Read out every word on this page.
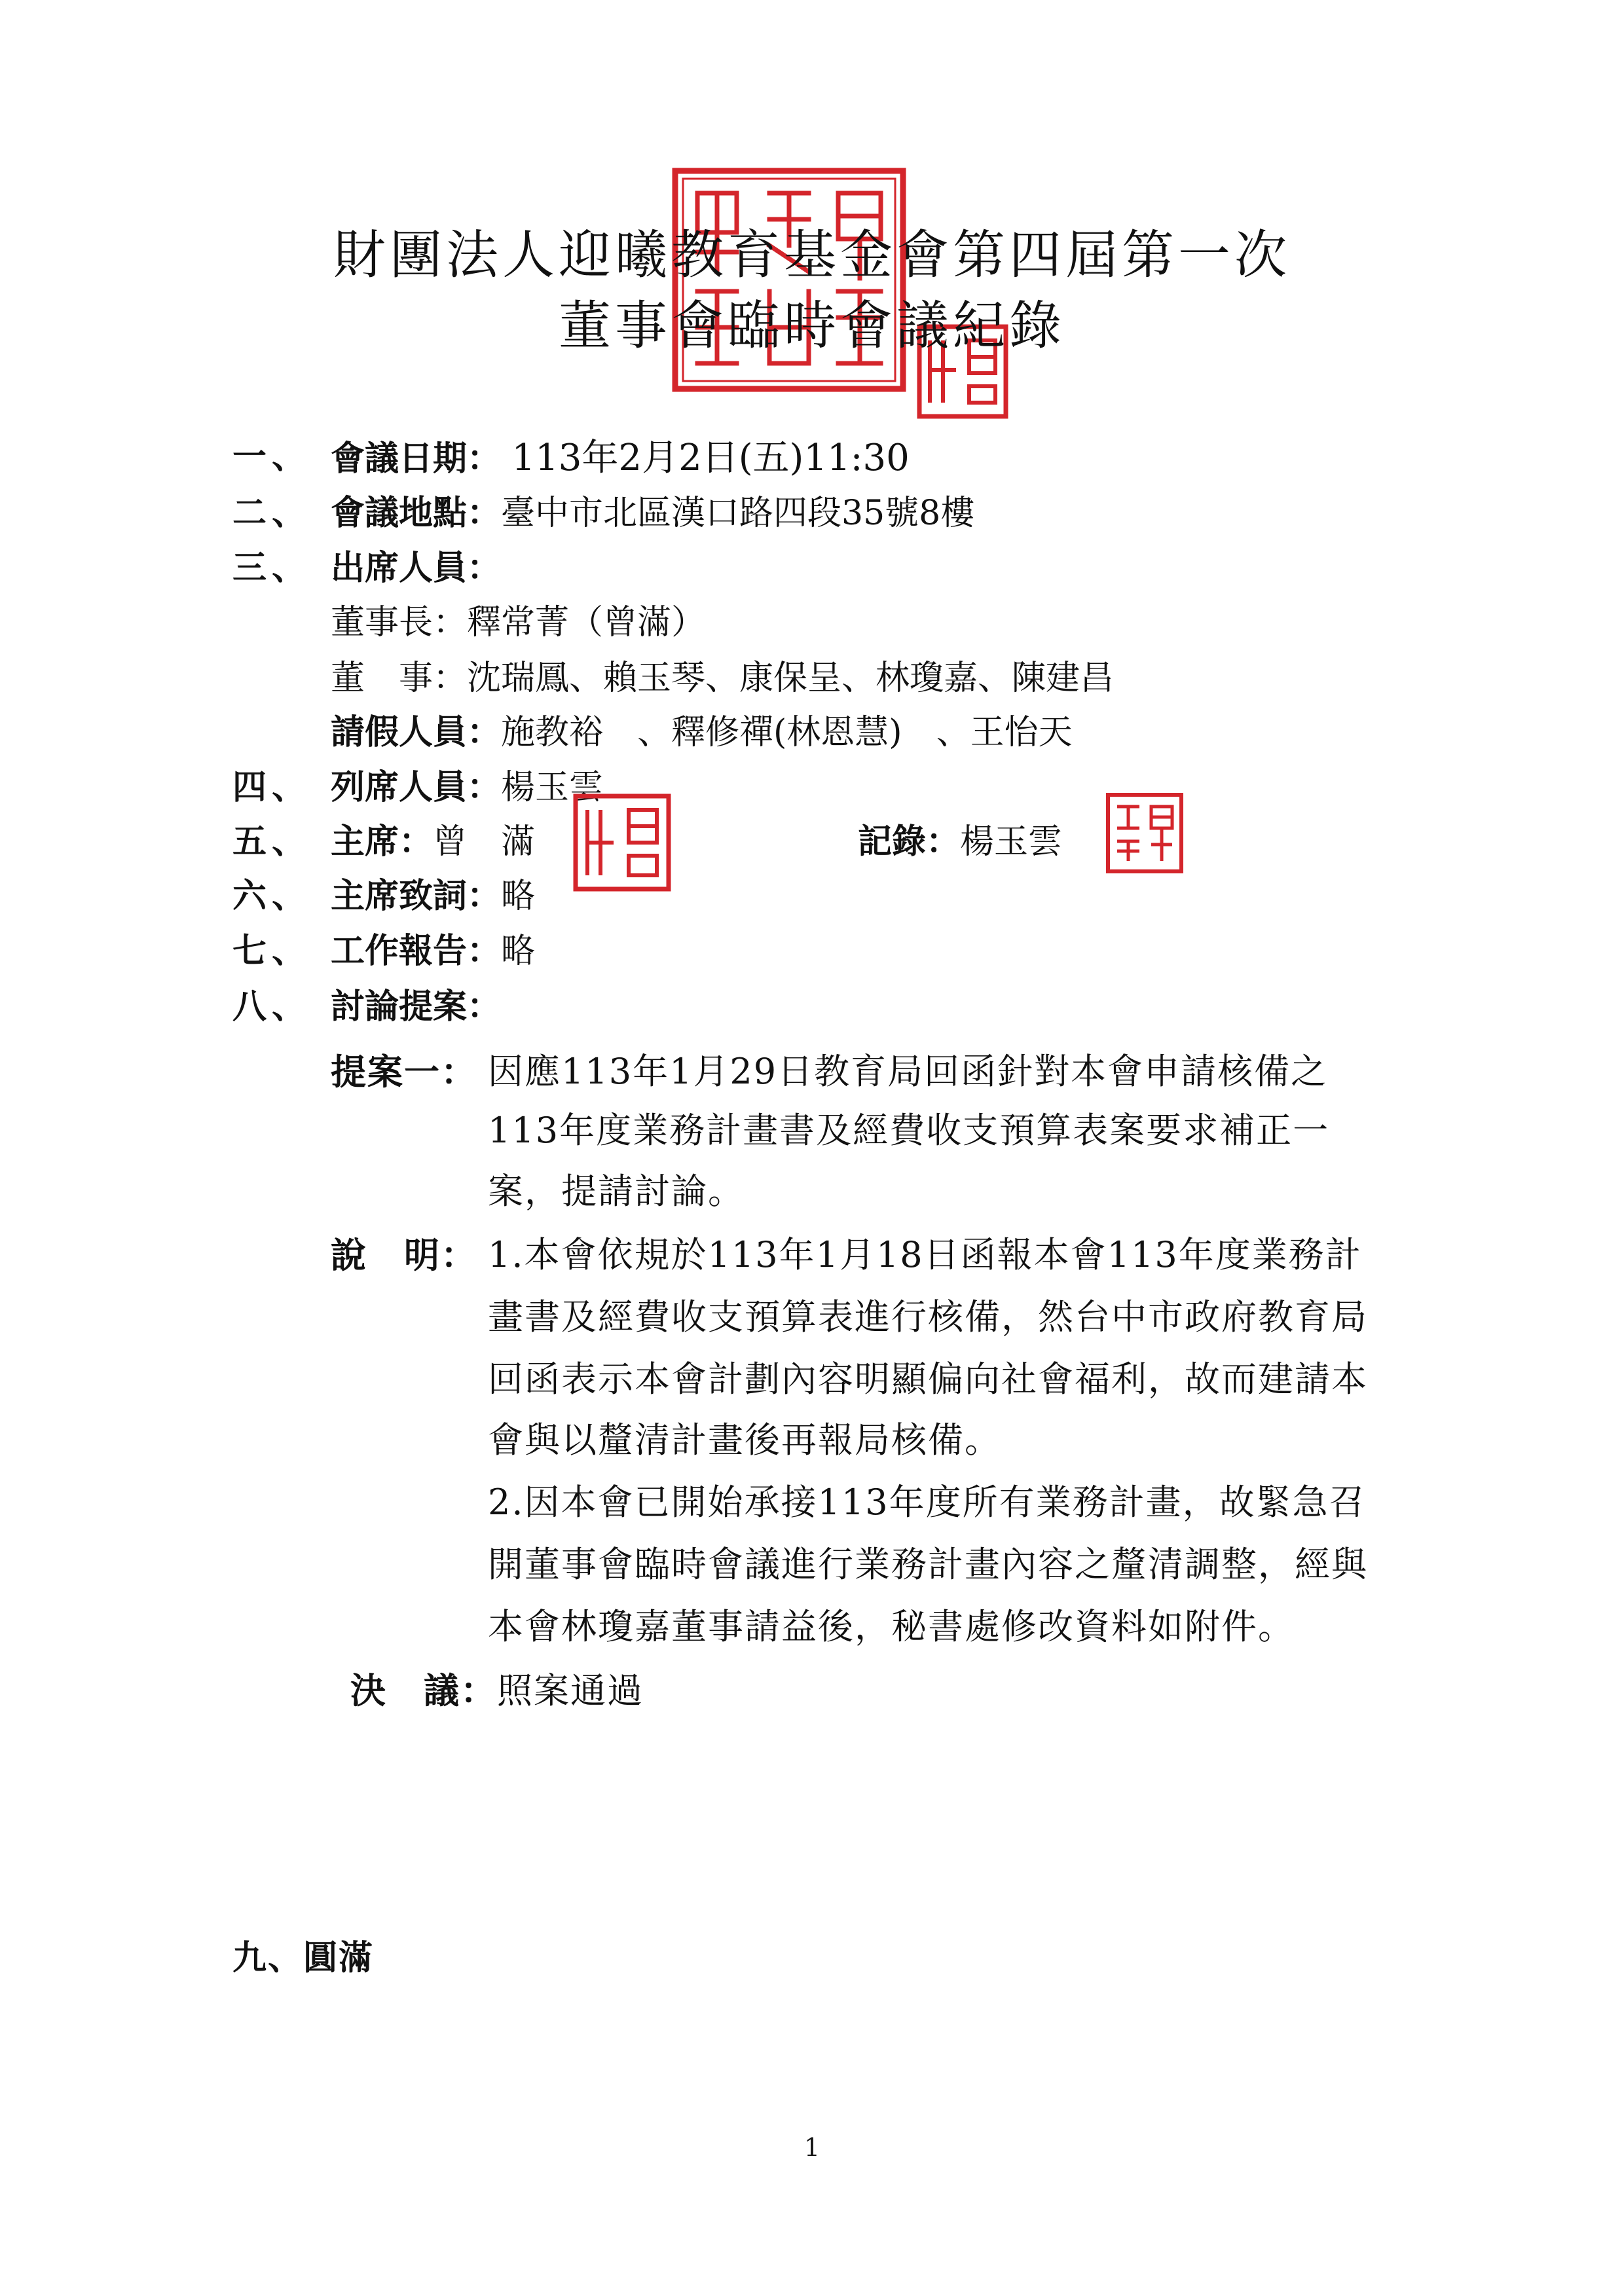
財團法人迎曦教育基金會第四屆第一次
董事會臨時會議紀錄
一、 會議日期： 113年2月2日(五)11:30
二、 會議地點：臺中市北區漢口路四段35號8樓
三、 出席人員：
董事長：釋常菁（曾滿）
董　事：沈瑞鳳、賴玉琴、康保呈、林瓊嘉、陳建昌
請假人員：施教裕　、釋修禪(林恩慧)　、王怡天
四、 列席人員：楊玉雲
五、 主席：曾　滿	記錄：楊玉雲
六、 主席致詞：略
七、 工作報告：略
八、 討論提案：
提案一： 因應113年1月29日教育局回函針對本會申請核備之
113年度業務計畫書及經費收支預算表案要求補正一
案，提請討論。
說　明： 1.本會依規於113年1月18日函報本會113年度業務計
畫書及經費收支預算表進行核備，然台中市政府教育局
回函表示本會計劃內容明顯偏向社會福利，故而建請本
會與以釐清計畫後再報局核備。
2.因本會已開始承接113年度所有業務計畫，故緊急召
開董事會臨時會議進行業務計畫內容之釐清調整，經與
本會林瓊嘉董事請益後，秘書處修改資料如附件。
決　議：照案通過
九、圓滿
1
